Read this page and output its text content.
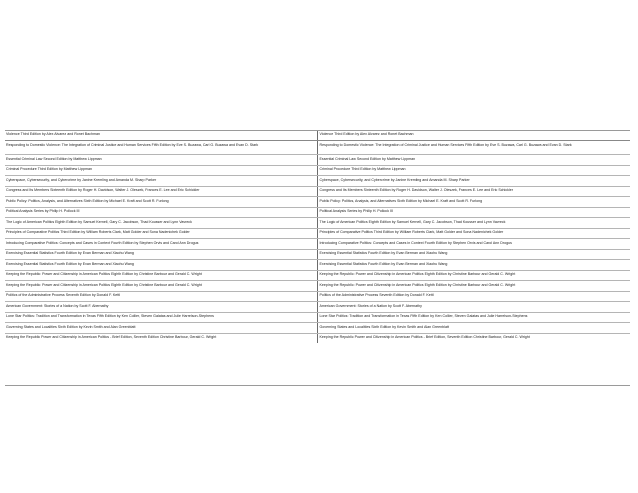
Violence Third Edition by Alex Alvarez and Ronet Bachman	Violence Third Edition by Alex Alvarez and Ronet Bachman
Responding to Domestic Violence: The Integration of Criminal Justice and Human Services Fifth Edition by Eve S. Buzawa, Carl G. Buzawa and Evan D. Stark	Responding to Domestic Violence: The Integration of Criminal Justice and Human Services Fifth Edition by Eve S. Buzawa, Carl G. Buzawa and Evan D. Stark
Essential Criminal Law Second Edition by Matthew Lippman	Essential Criminal Law Second Edition by Matthew Lippman
Criminal Procedure Third Edition by Matthew Lippman	Criminal Procedure Third Edition by Matthew Lippman
Cyberspace, Cybersecurity, and Cybercrime by Janine Kremling and Amanda M. Sharp Parker	Cyberspace, Cybersecurity, and Cybercrime by Janine Kremling and Amanda M. Sharp Parker
Congress and Its Members Sixteenth Edition by Roger H. Davidson, Walter J. Oleszek, Frances E. Lee and Eric Schickler	Congress and Its Members Sixteenth Edition by Roger H. Davidson, Walter J. Oleszek, Frances E. Lee and Eric Schickler
Public Policy: Politics, Analysis, and Alternatives Sixth Edition by Michael E. Kraft and Scott R. Furlong	Public Policy: Politics, Analysis, and Alternatives Sixth Edition by Michael E. Kraft and Scott R. Furlong
Political Analysis Series by Philip H. Pollock III	Political Analysis Series by Philip H. Pollock III
The Logic of American Politics Eighth Edition by Samuel Kernell, Gary C. Jacobson, Thad Kousser and Lynn Vavreck	The Logic of American Politics Eighth Edition by Samuel Kernell, Gary C. Jacobson, Thad Kousser and Lynn Vavreck
Principles of Comparative Politics Third Edition by William Roberts Clark, Matt Golder and Sona Nadenichek Golder	Principles of Comparative Politics Third Edition by William Roberts Clark, Matt Golder and Sona Nadenichek Golder
Introducing Comparative Politics: Concepts and Cases in Context Fourth Edition by Stephen Orvis and Carol Ann Drogus	Introducing Comparative Politics: Concepts and Cases in Context Fourth Edition by Stephen Orvis and Carol Ann Drogus
Exercising Essential Statistics Fourth Edition by Evan Berman and Xiaohu Wang	Exercising Essential Statistics Fourth Edition by Evan Berman and Xiaohu Wang
Exercising Essential Statistics Fourth Edition by Evan Berman and Xiaohu Wang	Exercising Essential Statistics Fourth Edition by Evan Berman and Xiaohu Wang
Keeping the Republic: Power and Citizenship in American Politics Eighth Edition by Christine Barbour and Gerald C. Wright	Keeping the Republic: Power and Citizenship in American Politics Eighth Edition by Christine Barbour and Gerald C. Wright
Keeping the Republic: Power and Citizenship in American Politics Eighth Edition by Christine Barbour and Gerald C. Wright	Keeping the Republic: Power and Citizenship in American Politics Eighth Edition by Christine Barbour and Gerald C. Wright
Politics of the Administrative Process Seventh Edition by Donald F. Kettl	Politics of the Administrative Process Seventh Edition by Donald F. Kettl
American Government: Stories of a Nation by Scott F. Abernathy	American Government: Stories of a Nation by Scott F. Abernathy
Lone Star Politics: Tradition and Transformation in Texas Fifth Edition by Ken Collier, Steven Galatas and Julie Harrelson-Stephens	Lone Star Politics: Tradition and Transformation in Texas Fifth Edition by Ken Collier, Steven Galatas and Julie Harrelson-Stephens
Governing States and Localities Sixth Edition by Kevin Smith and Alan Greenblatt	Governing States and Localities Sixth Edition by Kevin Smith and Alan Greenblatt
Keeping the Republic Power and Citizenship in American Politics - Brief Edition, Seventh Edition Christine Barbour, Gerald C. Wright	Keeping the Republic Power and Citizenship in American Politics - Brief Edition, Seventh Edition Christine Barbour, Gerald C. Wright
